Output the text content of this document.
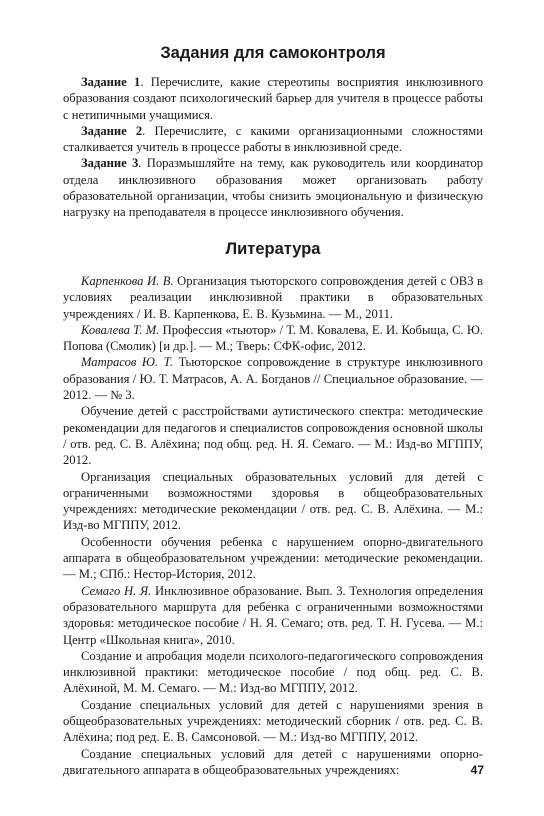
Задания для самоконтроля

Задание 1. Перечислите, какие стереотипы восприятия инклюзивного образования создают психологический барьер для учителя в процессе работы с нетипичными учащимися.

Задание 2. Перечислите, с какими организационными сложностями сталкивается учитель в процессе работы в инклюзивной среде.

Задание 3. Поразмышляйте на тему, как руководитель или координатор отдела инклюзивного образования может организовать работу образовательной организации, чтобы снизить эмоциональную и физическую нагрузку на преподавателя в процессе инклюзивного обучения.

Литература

Карпенкова И. В. Организация тьюторского сопровождения детей с ОВЗ в условиях реализации инклюзивной практики в образовательных учреждениях / И. В. Карпенкова, Е. В. Кузьмина. — М., 2011.

Ковалева Т. М. Профессия «тьютор» / Т. М. Ковалева, Е. И. Кобыща, С. Ю. Попова (Смолик) [и др.]. — М.; Тверь: СФК-офис, 2012.

Матрасов Ю. Т. Тьюторское сопровождение в структуре инклюзивного образования / Ю. Т. Матрасов, А. А. Богданов // Специальное образование. — 2012. — № 3.

Обучение детей с расстройствами аутистического спектра: методические рекомендации для педагогов и специалистов сопровождения основной школы / отв. ред. С. В. Алёхина; под общ. ред. Н. Я. Семаго. — М.: Изд-во МГППУ, 2012.

Организация специальных образовательных условий для детей с ограниченными возможностями здоровья в общеобразовательных учреждениях: методические рекомендации / отв. ред. С. В. Алёхина. — М.: Изд-во МГППУ, 2012.

Особенности обучения ребенка с нарушением опорно-двигательного аппарата в общеобразовательном учреждении: методические рекомендации. — М.; СПб.: Нестор-История, 2012.

Семаго Н. Я. Инклюзивное образование. Вып. 3. Технология определения образовательного маршрута для ребенка с ограниченными возможностями здоровья: методическое пособие / Н. Я. Семаго; отв. ред. Т. Н. Гусева. — М.: Центр «Школьная книга», 2010.

Создание и апробация модели психолого-педагогического сопровождения инклюзивной практики: методическое пособие / под общ. ред. С. В. Алёхиной, М. М. Семаго. — М.: Изд-во МГППУ, 2012.

Создание специальных условий для детей с нарушениями зрения в общеобразовательных учреждениях: методический сборник / отв. ред. С. В. Алёхина; под ред. Е. В. Самсоновой. — М.: Изд-во МГППУ, 2012.

Создание специальных условий для детей с нарушениями опорно-двигательного аппарата в общеобразовательных учреждениях:	47
